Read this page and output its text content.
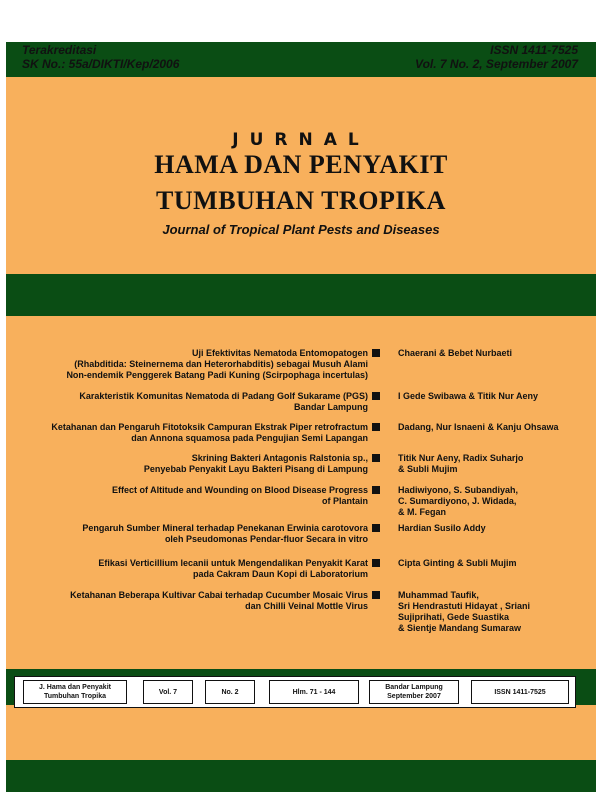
Terakreditasi
SK No.: 55a/DIKTI/Kep/2006
ISSN 1411-7525
Vol. 7 No. 2, September 2007
JURNAL
HAMA DAN PENYAKIT
TUMBUHAN TROPIKA
Journal of Tropical Plant Pests and Diseases
Uji Efektivitas Nematoda Entomopatogen
(Rhabditida: Steinernema dan Heterorhabditis) sebagai Musuh Alami
Non-endemik Penggerek Batang Padi Kuning (Scirpophaga incertulas)
Chaerani & Bebet Nurbaeti
Karakteristik Komunitas Nematoda di Padang Golf Sukarame (PGS)
Bandar Lampung
I Gede Swibawa & Titik Nur Aeny
Ketahanan dan Pengaruh Fitotoksik Campuran Ekstrak Piper retrofractum
dan Annona squamosa pada Pengujian Semi Lapangan
Dadang, Nur Isnaeni & Kanju Ohsawa
Skrining Bakteri Antagonis Ralstonia sp.,
Penyebab Penyakit Layu Bakteri Pisang di Lampung
Titik Nur Aeny, Radix Suharjo
& Subli Mujim
Effect of Altitude and Wounding on Blood Disease Progress
of Plantain
Hadiwiyono, S. Subandiyah,
C. Sumardiyono, J. Widada,
& M. Fegan
Pengaruh Sumber Mineral terhadap Penekanan Erwinia carotovora
oleh Pseudomonas Pendar-fluor Secara in vitro
Hardian Susilo Addy
Efikasi Verticillium lecanii untuk Mengendalikan Penyakit Karat
pada Cakram Daun Kopi di Laboratorium
Cipta Ginting & Subli Mujim
Ketahanan Beberapa Kultivar Cabai terhadap Cucumber Mosaic Virus
dan Chilli Veinal Mottle Virus
Muhammad Taufik,
Sri Hendrastuti Hidayat , Sriani
Sujiprihati, Gede Suastika
& Sientje Mandang Sumaraw
J. Hama dan Penyakit Tumbuhan Tropika
Vol. 7	No. 2	Hlm. 71 - 144
Bandar Lampung September 2007
ISSN 1411-7525
